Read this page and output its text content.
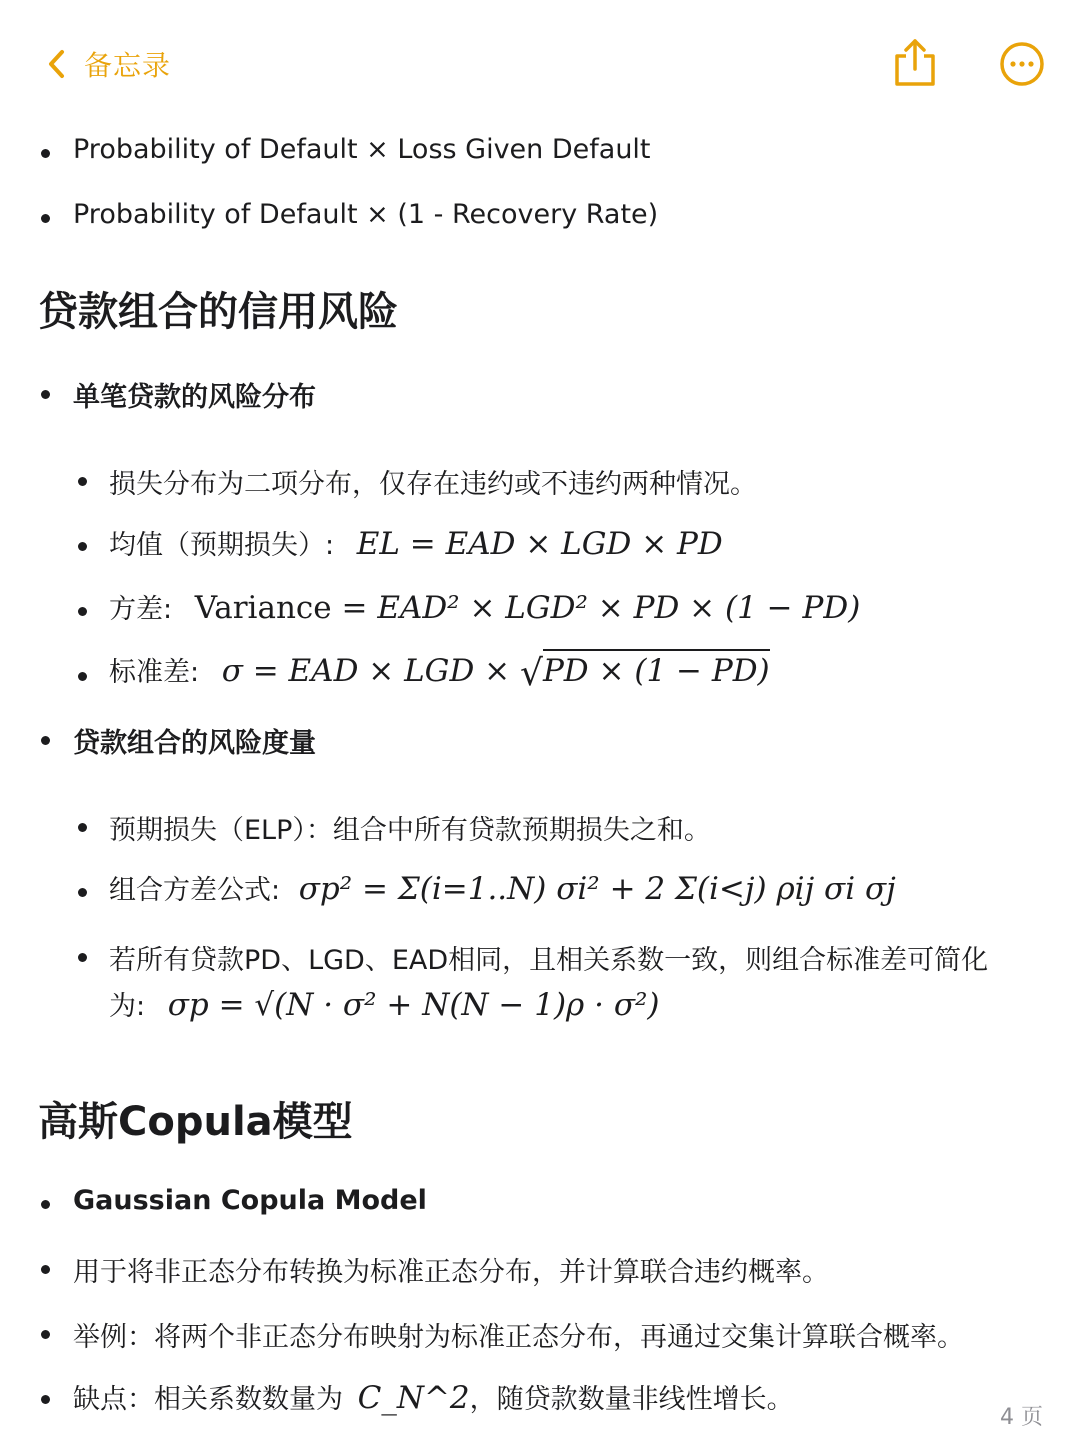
备忘录
Probability of Default × Loss Given Default
Probability of Default × (1 - Recovery Rate)
贷款组合的信用风险
单笔贷款的风险分布
损失分布为二项分布，仅存在违约或不违约两种情况。
均值（预期损失）: EL = EAD × LGD × PD
方差: Variance = EAD² × LGD² × PD × (1 − PD)
标准差: σ = EAD × LGD × √PD × (1 − PD)
贷款组合的风险度量
预期损失（ELP）：组合中所有贷款预期损失之和。
组合方差公式: σp² = Σ(i=1..N) σi² + 2 Σ(i<j) ρij σi σj
若所有贷款PD、LGD、EAD相同，且相关系数一致，则组合标准差可简化
为: σp = √(N · σ² + N(N − 1)ρ · σ²)
高斯Copula模型
Gaussian Copula Model
用于将非正态分布转换为标准正态分布，并计算联合违约概率。
举例：将两个非正态分布映射为标准正态分布，再通过交集计算联合概率。
缺点：相关系数数量为 C_N^2，随贷款数量非线性增长。
4 页
